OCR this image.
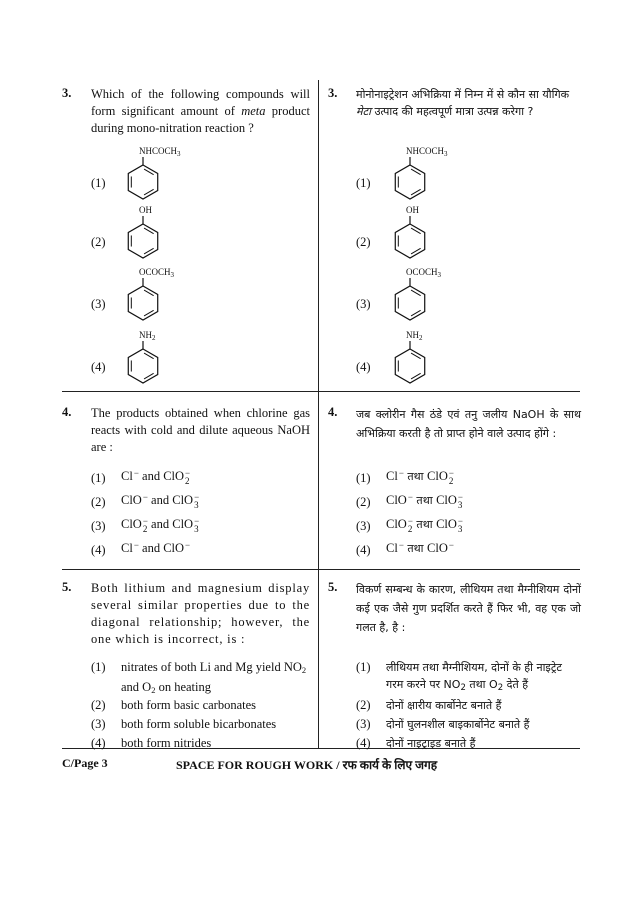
3. Which of the following compounds will form significant amount of meta product during mono-nitration reaction ?
3. मोनोनाइट्रेशन अभिक्रिया में निम्न में से कौन सा यौगिक
मेटा उत्पाद की महत्वपूर्ण मात्रा उत्पन्न करेगा ?
(1)
$NHCOCH_3$
(2)
OH
(3)
$OCOCH_3$
(4)
$NH_2$
(1)
$NHCOCH_3$
(2)
OH
(3)
$OCOCH_3$
(4)
$NH_2$
4. The products obtained when chlorine gas reacts with cold and dilute aqueous NaOH are :
4. जब क्लोरीन गैस ठंडे एवं तनु जलीय NaOH के साथ अभिक्रिया करती है तो प्राप्त होने वाले उत्पाद होंगे :
(1) Cl −
and ClO −
2
(2) ClO −
and ClO −
3
(3) ClO −
2 and ClO −
3
(4) Cl −
and ClO −

(1) Cl −
तथा ClO −
2
(2) ClO −
तथा ClO −
3
(3) ClO −
2 तथा ClO −
3
(4) Cl −
तथा ClO −

5. Both lithium and magnesium display several similar properties due to the diagonal relationship; however, the one which is incorrect, is :
5. विकर्ण सम्बन्ध के कारण, लीथियम तथा मैग्नीशियम दोनों कई एक जैसे गुण प्रदर्शित करते हैं फिर भी, वह एक जो गलत है, है :
(1) nitrates of both Li and Mg yield $NO_2$
and $O_2$ on heating
(2) both form basic carbonates
(3) both form soluble bicarbonates
(4) both form nitrides
(1) लीथियम तथा मैग्नीशियम, दोनों के ही नाइट्रेट
गरम करने पर $NO_2$ तथा $O_2$ देते हैं
(2) दोनों क्षारीय कार्बोनेट बनाते हैं
(3) दोनों घुलनशील बाइकार्बोनेट बनाते हैं
(4) दोनों नाइट्राइड बनाते हैं
C/Page 3	SPACE FOR ROUGH WORK / रफ कार्य के लिए जगह
